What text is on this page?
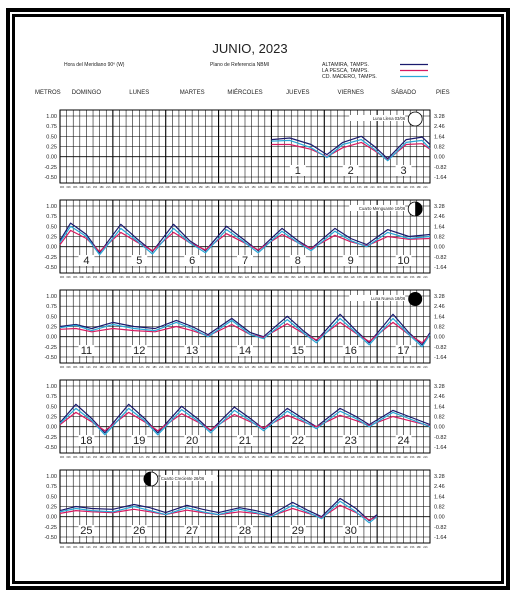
JUNIO, 2023
Hora del Meridiano 90º (W)	Plano de Referencia NBMI	ALTAMIRA, TAMPS.
LA PESCA, TAMPS.
CD. MADERO, TAMPS.
METROS	PIES
DOMINGO	LUNES	MARTES	MIÉRCOLES	JUEVES	VIERNES	SÁBADO
1.00	3.28
0.75	2.46
0.50	1.64
0.25	0.82
0.00	0.00
-0.25	-0.82
-0.50	-1.64
00h 03h 06h 09h 12h 15h 18h 21h 00h 03h 06h 09h 12h 15h 18h 21h 00h 03h 06h 09h 12h 15h 18h 21h 00h 03h 06h 09h 12h 15h 18h 21h 00h 03h 06h 09h 12h 15h 18h 21h 00h 03h 06h 09h 12h 15h 18h 21h 00h 03h 06h 09h 12h 15h 18h 21h
1	2	3
Luna Llena 03/06
1.00	3.28
0.75	2.46
0.50	1.64
0.25	0.82
0.00	0.00
-0.25	-0.82
-0.50	-1.64
00h 03h 06h 09h 12h 15h 18h 21h 00h 03h 06h 09h 12h 15h 18h 21h 00h 03h 06h 09h 12h 15h 18h 21h 00h 03h 06h 09h 12h 15h 18h 21h 00h 03h 06h 09h 12h 15h 18h 21h 00h 03h 06h 09h 12h 15h 18h 21h 00h 03h 06h 09h 12h 15h 18h 21h
4	5	6	7	8	9	10
Cuarto Menguante 10/06
1.00	3.28
0.75	2.46
0.50	1.64
0.25	0.82
0.00	0.00
-0.25	-0.82
-0.50	-1.64
00h 03h 06h 09h 12h 15h 18h 21h 00h 03h 06h 09h 12h 15h 18h 21h 00h 03h 06h 09h 12h 15h 18h 21h 00h 03h 06h 09h 12h 15h 18h 21h 00h 03h 06h 09h 12h 15h 18h 21h 00h 03h 06h 09h 12h 15h 18h 21h 00h 03h 06h 09h 12h 15h 18h 21h
11	12	13	14	15	16	17
Luna Nueva 18/06
1.00	3.28
0.75	2.46
0.50	1.64
0.25	0.82
0.00	0.00
-0.25	-0.82
-0.50	-1.64
00h 03h 06h 09h 12h 15h 18h 21h 00h 03h 06h 09h 12h 15h 18h 21h 00h 03h 06h 09h 12h 15h 18h 21h 00h 03h 06h 09h 12h 15h 18h 21h 00h 03h 06h 09h 12h 15h 18h 21h 00h 03h 06h 09h 12h 15h 18h 21h 00h 03h 06h 09h 12h 15h 18h 21h
18	19	20	21	22	23	24
1.00	3.28
0.75	2.46
0.50	1.64
0.25	0.82
0.00	0.00
-0.25	-0.82
-0.50	-1.64
00h 03h 06h 09h 12h 15h 18h 21h 00h 03h 06h 09h 12h 15h 18h 21h 00h 03h 06h 09h 12h 15h 18h 21h 00h 03h 06h 09h 12h 15h 18h 21h 00h 03h 06h 09h 12h 15h 18h 21h 00h 03h 06h 09h 12h 15h 18h 21h 00h 03h 06h 09h 12h 15h 18h 21h
25	26	27	28	29	30
Cuarto Creciente 26/06
